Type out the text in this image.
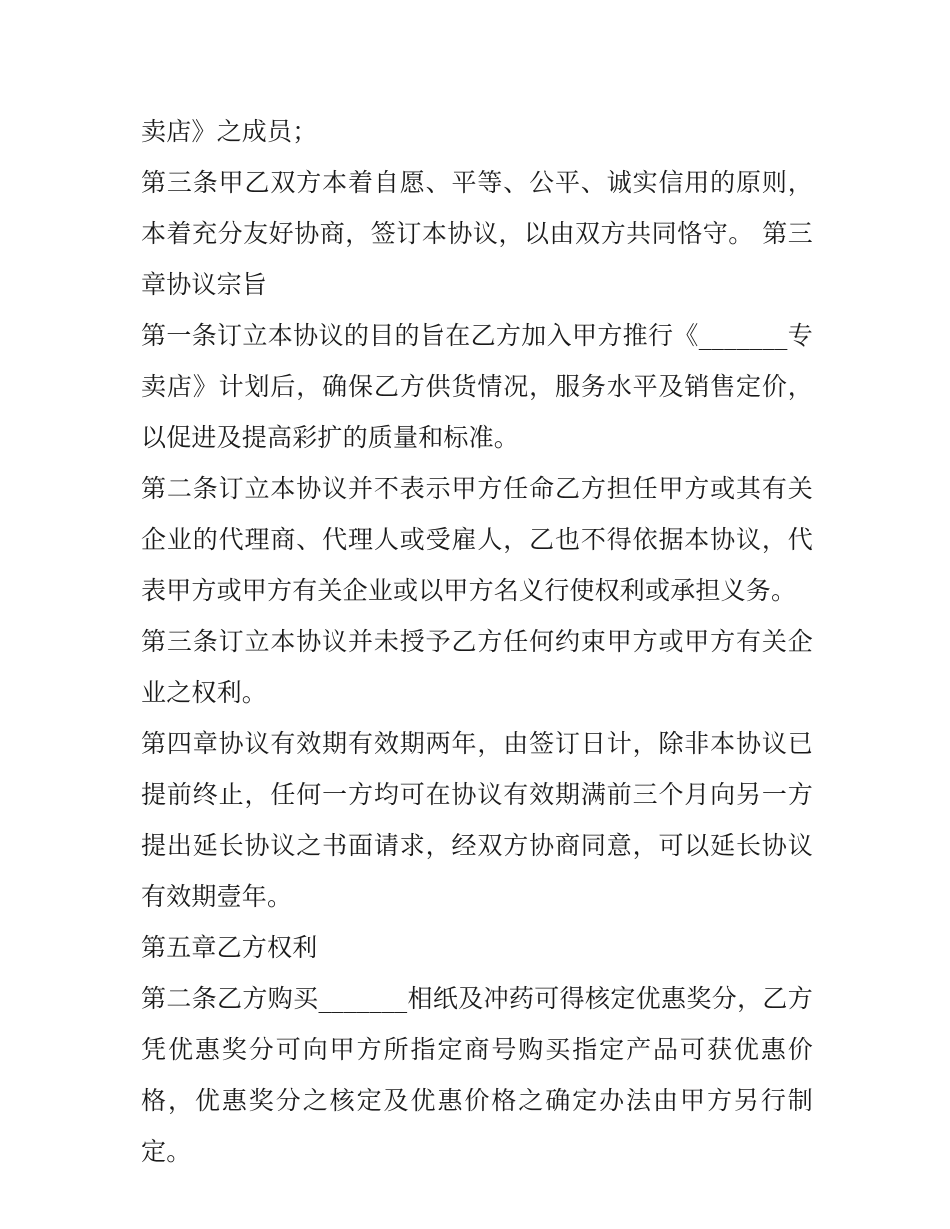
卖店》之成员；

第三条甲乙双方本着自愿、平等、公平、诚实信用的原则，本着充分友好协商，签订本协议，以由双方共同恪守。 第三章协议宗旨

第一条订立本协议的目的旨在乙方加入甲方推行《_______专卖店》计划后，确保乙方供货情况，服务水平及销售定价，以促进及提高彩扩的质量和标准。

第二条订立本协议并不表示甲方任命乙方担任甲方或其有关企业的代理商、代理人或受雇人，乙也不得依据本协议，代表甲方或甲方有关企业或以甲方名义行使权利或承担义务。

第三条订立本协议并未授予乙方任何约束甲方或甲方有关企业之权利。

第四章协议有效期有效期两年，由签订日计，除非本协议已提前终止，任何一方均可在协议有效期满前三个月向另一方提出延长协议之书面请求，经双方协商同意，可以延长协议有效期壹年。

第五章乙方权利

第二条乙方购买_______相纸及冲药可得核定优惠奖分，乙方凭优惠奖分可向甲方所指定商号购买指定产品可获优惠价格，优惠奖分之核定及优惠价格之确定办法由甲方另行制定。
